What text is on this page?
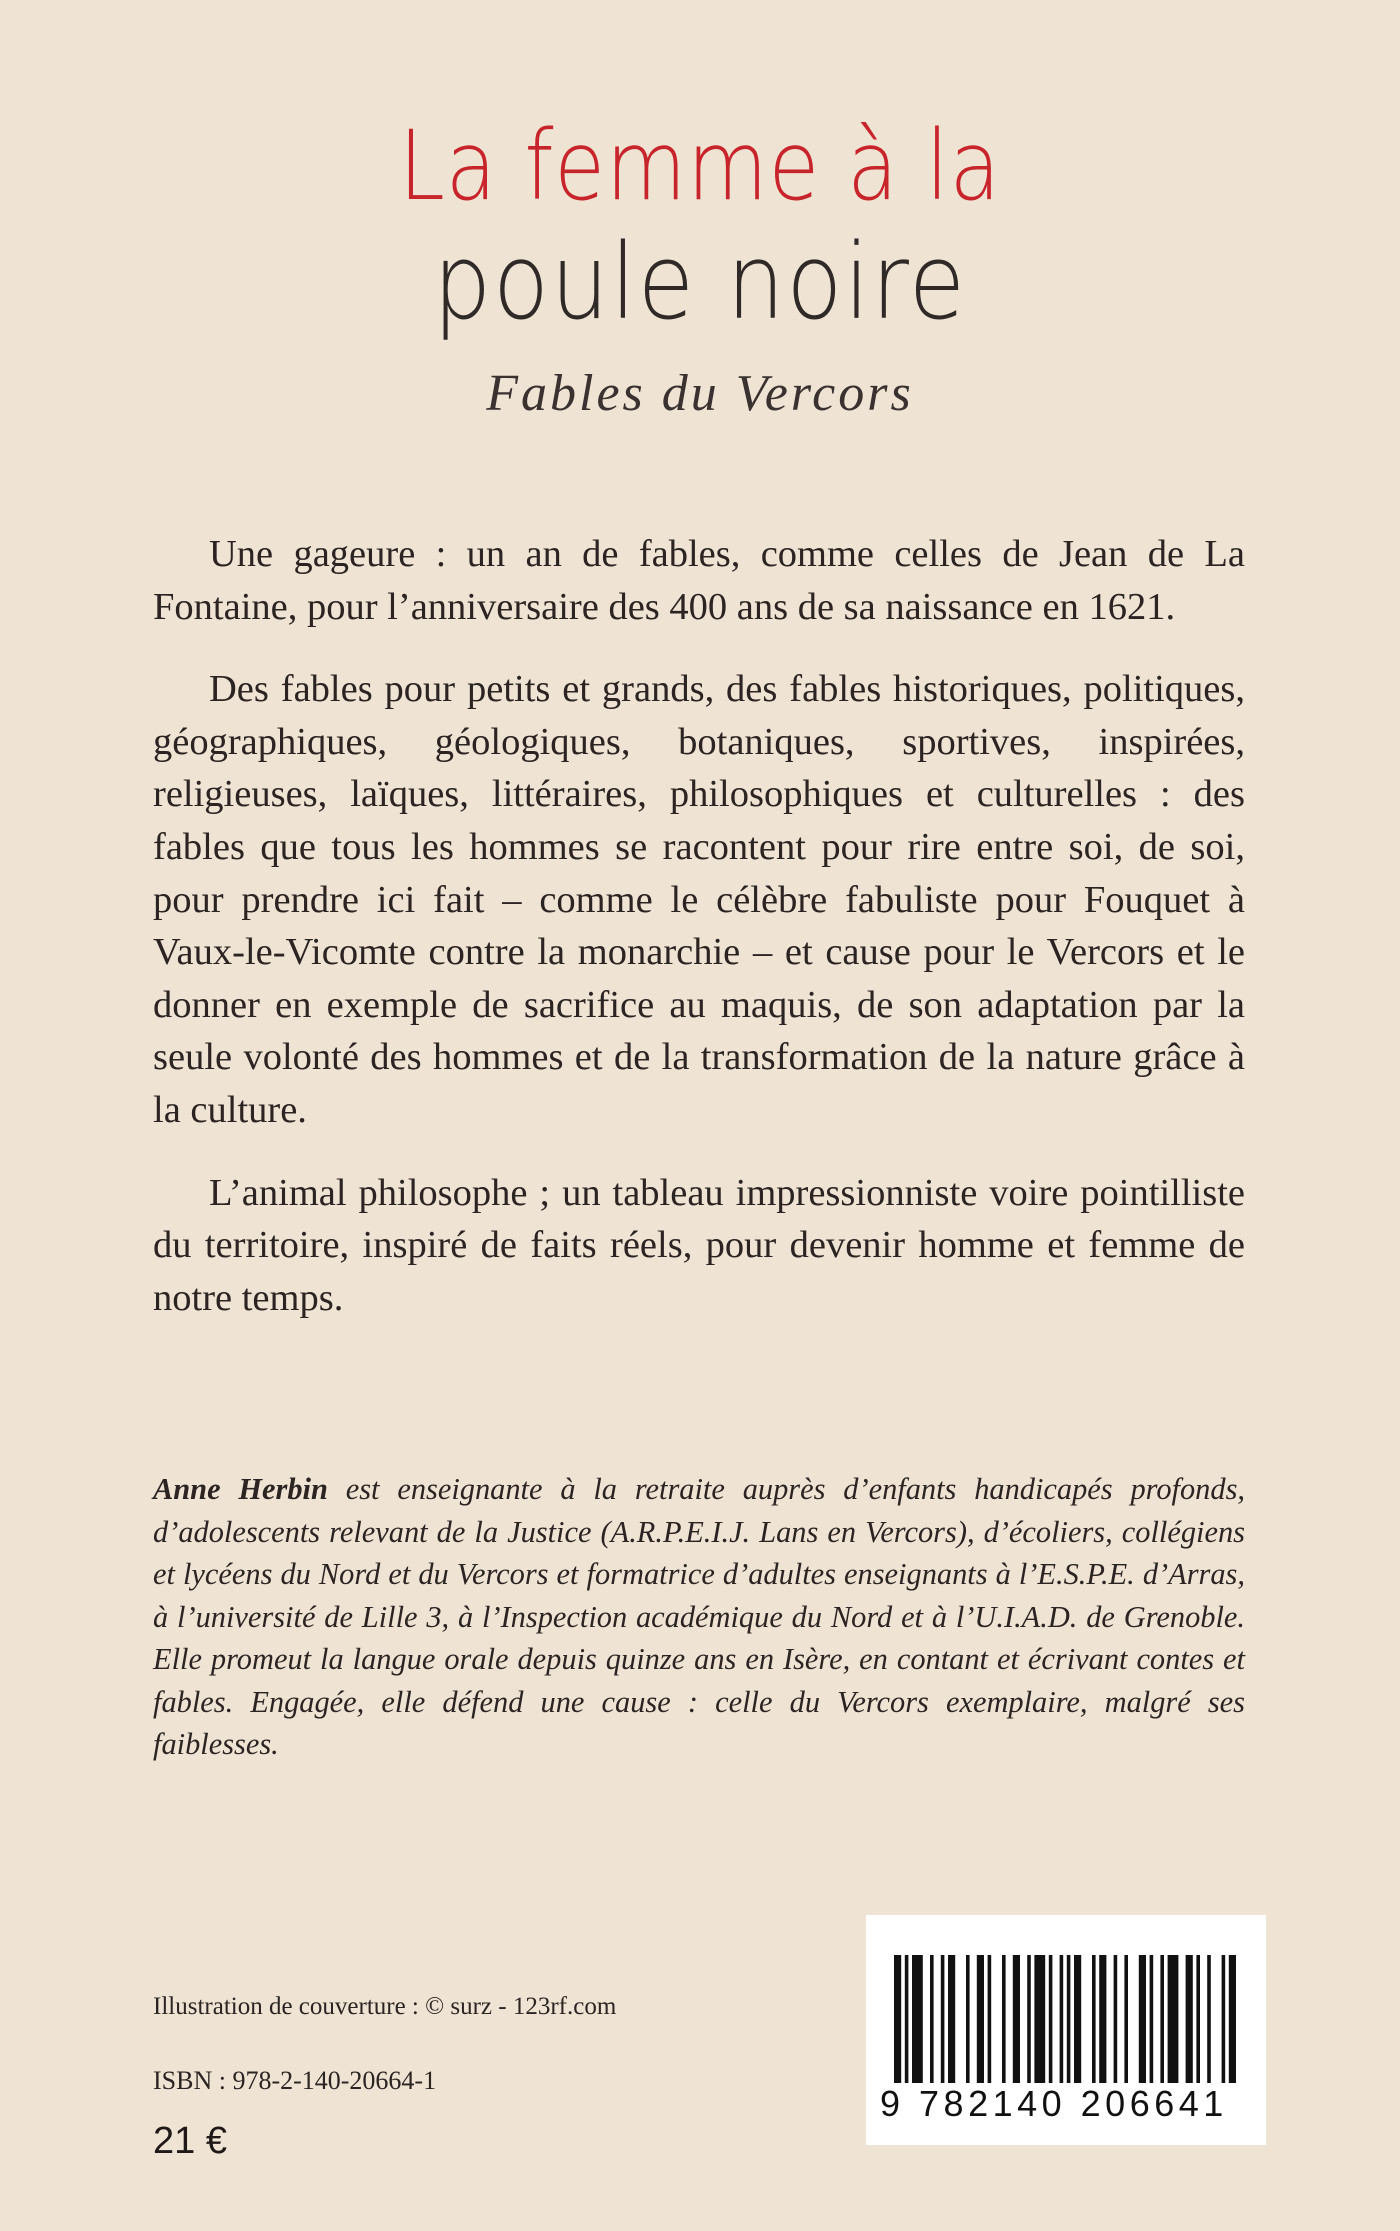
La femme à la
poule noire
Fables du Vercors

Une gageure : un an de fables, comme celles de Jean de La Fontaine, pour l’anniversaire des 400 ans de sa naissance en 1621.

Des fables pour petits et grands, des fables historiques, politiques, géographiques, géologiques, botaniques, sportives, inspirées, religieuses, laïques, littéraires, philosophiques et culturelles : des fables que tous les hommes se racontent pour rire entre soi, de soi, pour prendre ici fait – comme le célèbre fabuliste pour Fouquet à Vaux-le-Vicomte contre la monarchie – et cause pour le Vercors et le donner en exemple de sacrifice au maquis, de son adaptation par la seule volonté des hommes et de la transformation de la nature grâce à la culture.

L’animal philosophe ; un tableau impressionniste voire pointilliste du territoire, inspiré de faits réels, pour devenir homme et femme de notre temps.

Anne Herbin est enseignante à la retraite auprès d’enfants handicapés profonds, d’adolescents relevant de la Justice (A.R.P.E.I.J. Lans en Vercors), d’écoliers, collégiens et lycéens du Nord et du Vercors et formatrice d’adultes enseignants à l’E.S.P.E. d’Arras, à l’université de Lille 3, à l’Inspection académique du Nord et à l’U.I.A.D. de Grenoble. Elle promeut la langue orale depuis quinze ans en Isère, en contant et écrivant contes et fables. Engagée, elle défend une cause : celle du Vercors exemplaire, malgré ses faiblesses.
Illustration de couverture : © surz - 123rf.com
ISBN : 978-2-140-20664-1
21 €
9 782140 206641
